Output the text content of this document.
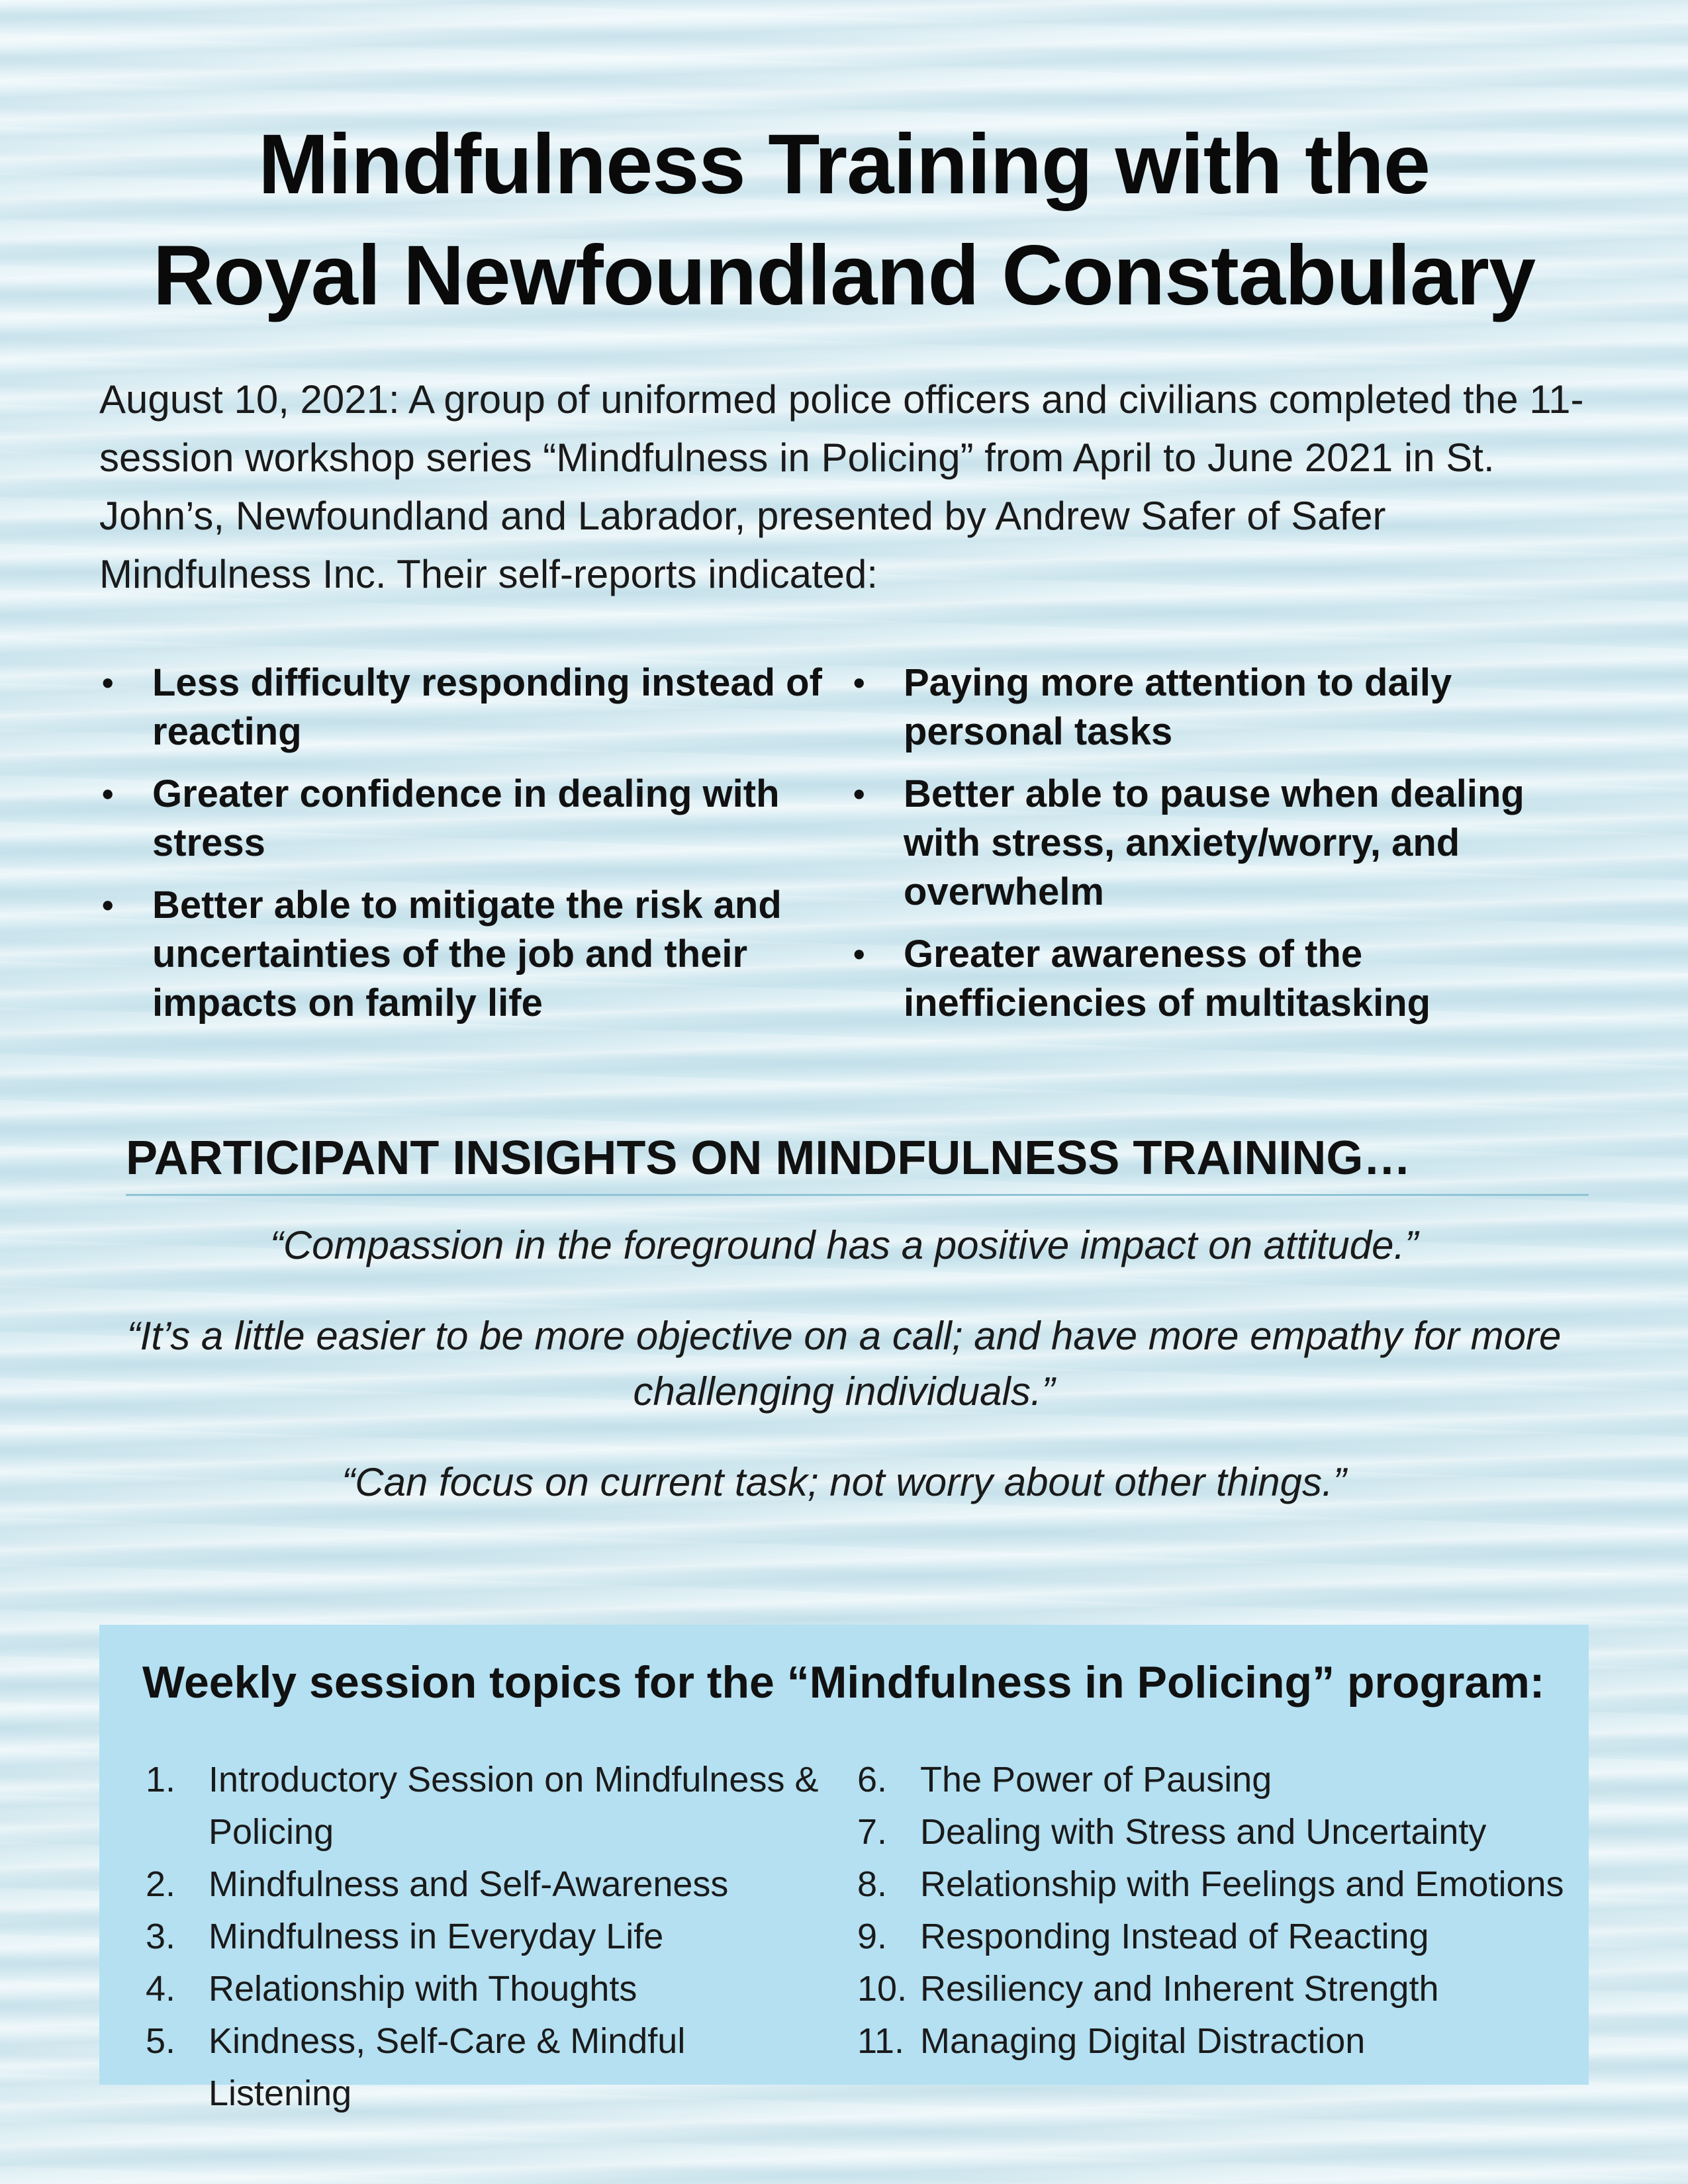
Mindfulness Training with the
Royal Newfoundland Constabulary

August 10, 2021: A group of uniformed police officers and civilians completed the 11-session workshop series “Mindfulness in Policing” from April to June 2021 in St. John’s, Newfoundland and Labrador, presented by Andrew Safer of Safer Mindfulness Inc. Their self-reports indicated:

• Less difficulty responding instead of reacting
• Greater confidence in dealing with stress
• Better able to mitigate the risk and uncertainties of the job and their impacts on family life
• Paying more attention to daily personal tasks
• Better able to pause when dealing with stress, anxiety/worry, and overwhelm
• Greater awareness of the inefficiencies of multitasking
PARTICIPANT INSIGHTS ON MINDFULNESS TRAINING…
“Compassion in the foreground has a positive impact on attitude.”
“It’s a little easier to be more objective on a call; and have more empathy for more challenging individuals.”
“Can focus on current task; not worry about other things.”
Weekly session topics for the “Mindfulness in Policing” program:
1. Introductory Session on Mindfulness & Policing
2. Mindfulness and Self-Awareness
3. Mindfulness in Everyday Life
4. Relationship with Thoughts
5. Kindness, Self-Care & Mindful Listening
6. The Power of Pausing
7. Dealing with Stress and Uncertainty
8. Relationship with Feelings and Emotions
9. Responding Instead of Reacting
10. Resiliency and Inherent Strength
11. Managing Digital Distraction
